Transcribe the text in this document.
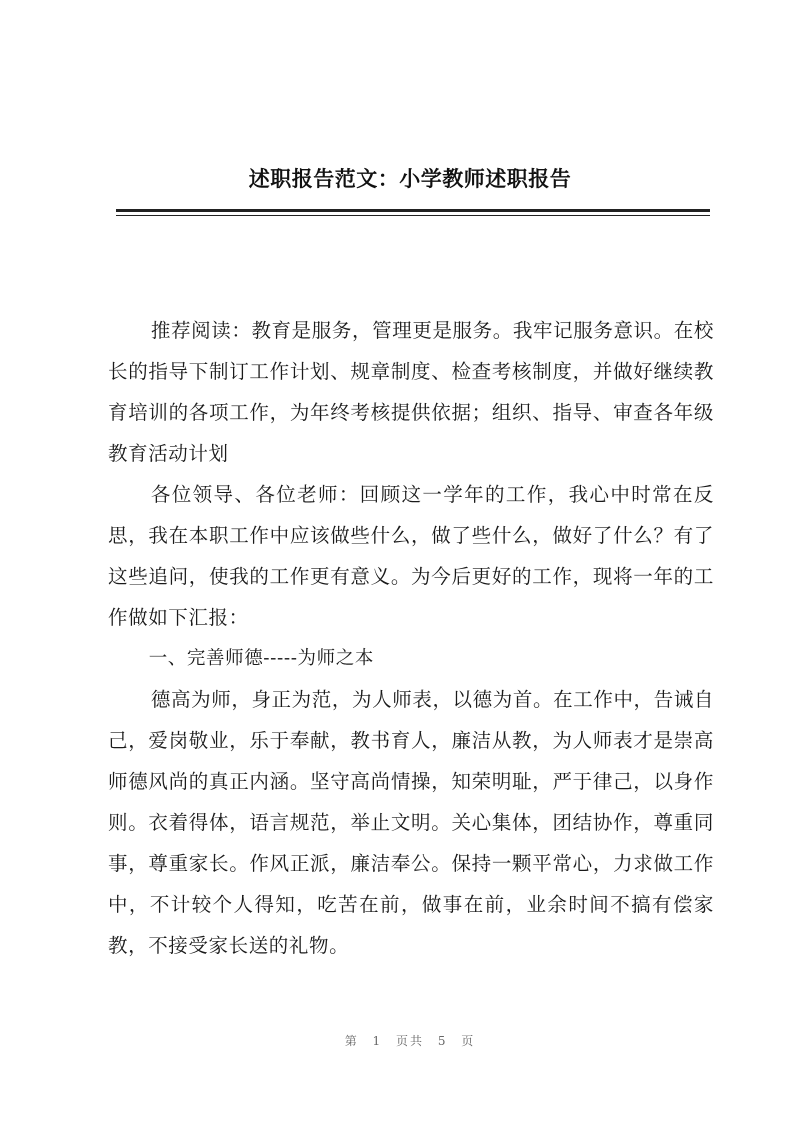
述职报告范文：小学教师述职报告

推荐阅读：教育是服务，管理更是服务。我牢记服务意识。在校长的指导下制订工作计划、规章制度、检查考核制度，并做好继续教育培训的各项工作，为年终考核提供依据；组织、指导、审查各年级教育活动计划

各位领导、各位老师：回顾这一学年的工作，我心中时常在反思，我在本职工作中应该做些什么，做了些什么，做好了什么？有了这些追问，使我的工作更有意义。为今后更好的工作，现将一年的工作做如下汇报：

一、完善师德-----为师之本

德高为师，身正为范，为人师表，以德为首。在工作中，告诫自己，爱岗敬业，乐于奉献，教书育人，廉洁从教，为人师表才是崇高师德风尚的真正内涵。坚守高尚情操，知荣明耻，严于律己，以身作则。衣着得体，语言规范，举止文明。关心集体，团结协作，尊重同事，尊重家长。作风正派，廉洁奉公。保持一颗平常心，力求做工作中，不计较个人得知，吃苦在前，做事在前，业余时间不搞有偿家教，不接受家长送的礼物。

第 1 页共 5 页
